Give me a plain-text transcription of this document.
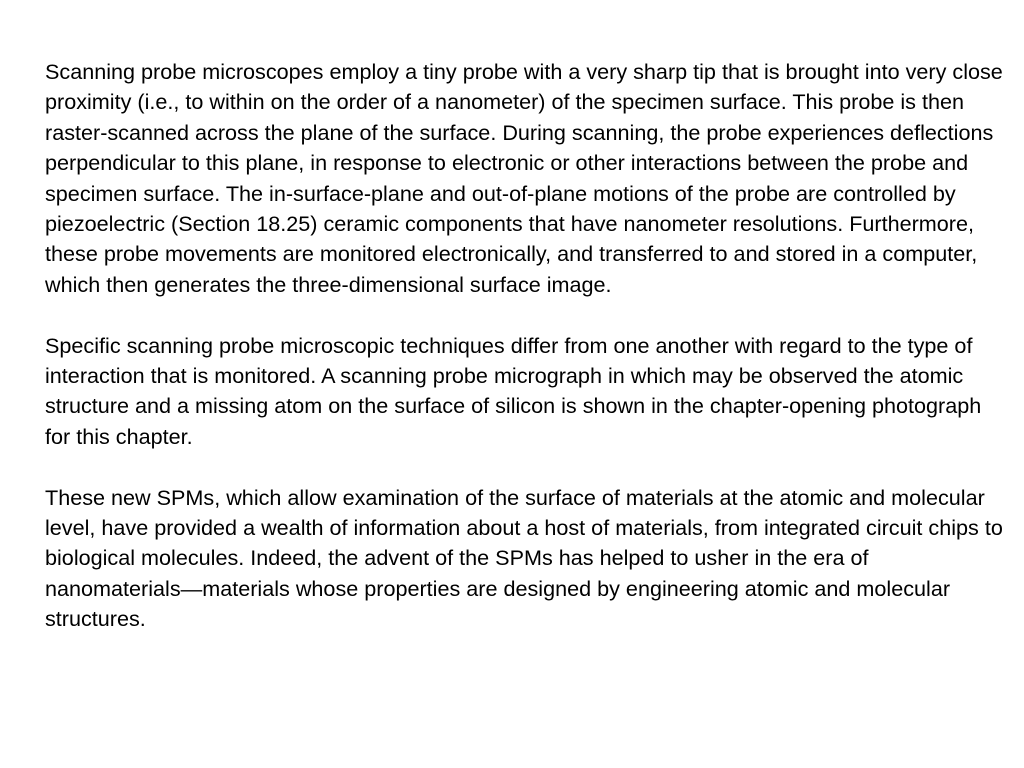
Scanning probe microscopes employ a tiny probe with a very sharp tip that is brought into very close proximity (i.e., to within on the order of a nanometer) of the specimen surface. This probe is then raster-scanned across the plane of the surface. During scanning, the probe experiences deflections perpendicular to this plane, in response to electronic or other interactions between the probe and specimen surface. The in-surface-plane and out-of-plane motions of the probe are controlled by piezoelectric (Section 18.25) ceramic components that have nanometer resolutions. Furthermore, these probe movements are monitored electronically, and transferred to and stored in a computer, which then generates the three-dimensional surface image.

Specific scanning probe microscopic techniques differ from one another with regard to the type of interaction that is monitored. A scanning probe micrograph in which may be observed the atomic structure and a missing atom on the surface of silicon is shown in the chapter-opening photograph for this chapter.

These new SPMs, which allow examination of the surface of materials at the atomic and molecular level, have provided a wealth of information about a host of materials, from integrated circuit chips to biological molecules. Indeed, the advent of the SPMs has helped to usher in the era of nanomaterials—materials whose properties are designed by engineering atomic and molecular structures.
